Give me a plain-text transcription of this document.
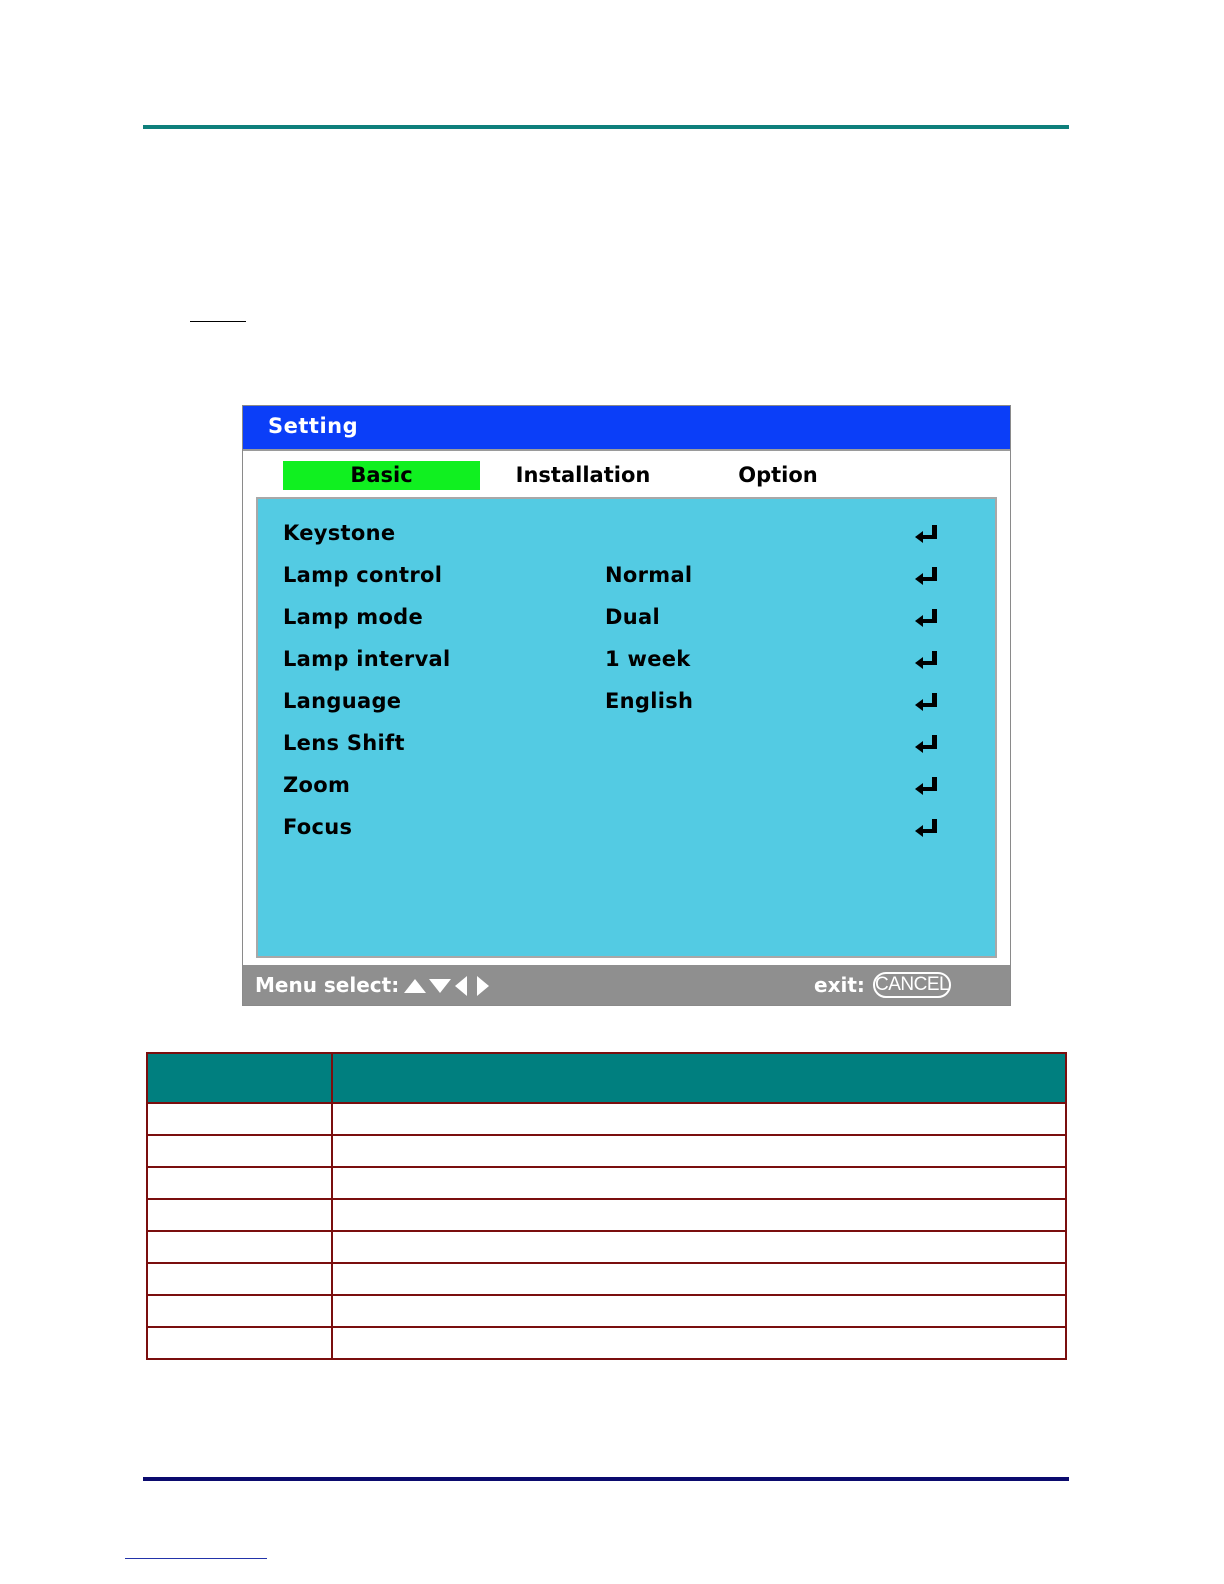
Setting
Basic	Installation	Option
Keystone
Lamp control	Normal
Lamp mode	Dual
Lamp interval	1 week
Language	English
Lens Shift
Zoom
Focus
Menu select:	exit: CANCEL
